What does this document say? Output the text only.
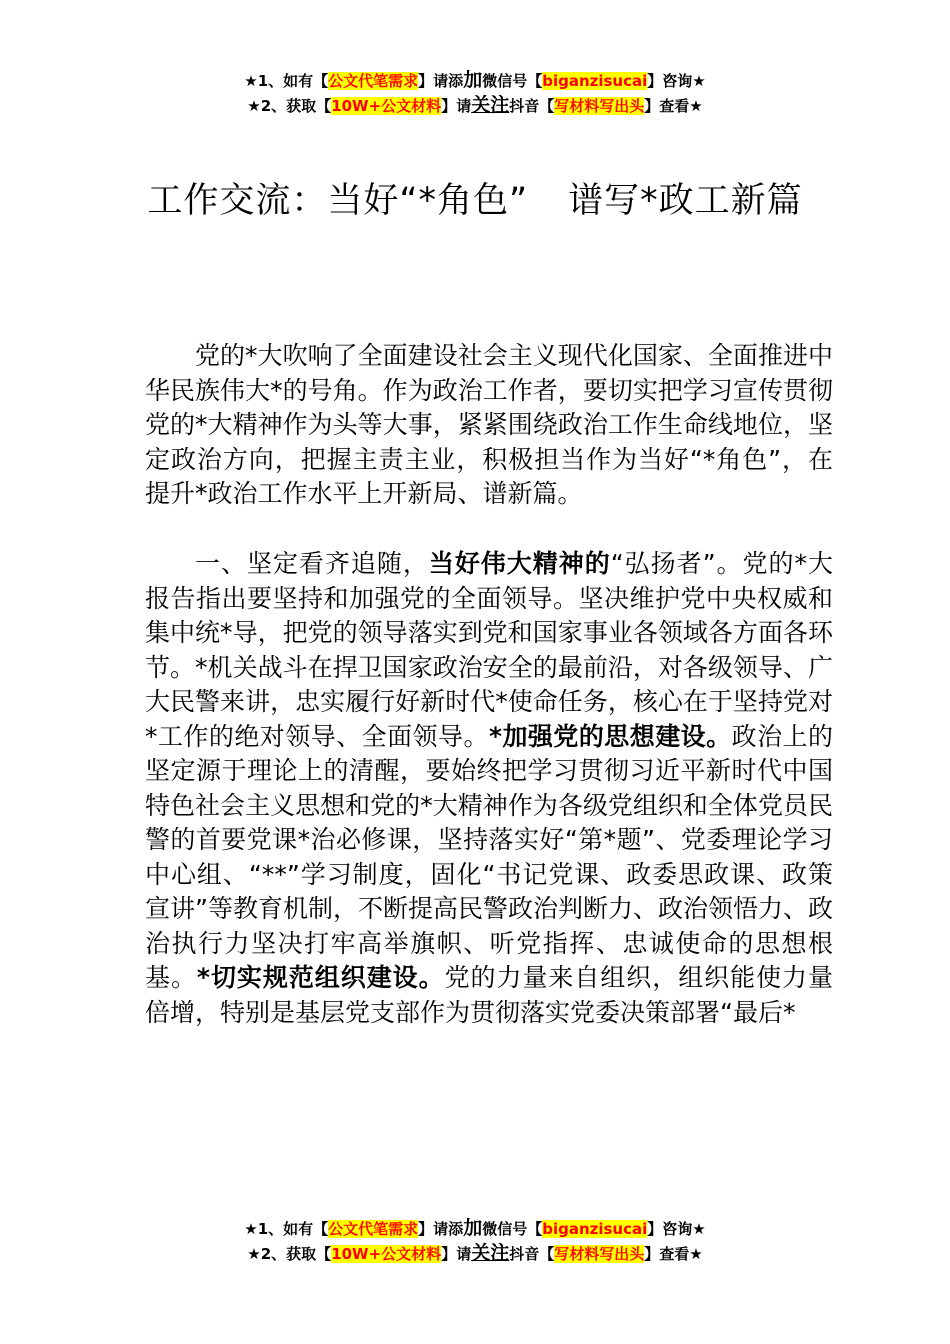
★1、如有【公文代笔需求】请添加微信号【biganzisucai】咨询★
★2、获取【10W+公文材料】请关注抖音【写材料写出头】查看★
工作交流：当好“*角色” 谱写*政工新篇

党的*大吹响了全面建设社会主义现代化国家、全面推进中华民族伟大*的号角。作为政治工作者，要切实把学习宣传贯彻党的*大精神作为头等大事，紧紧围绕政治工作生命线地位，坚定政治方向，把握主责主业，积极担当作为当好“*角色”，在提升*政治工作水平上开新局、谱新篇。

一、坚定看齐追随，当好伟大精神的“弘扬者”。党的*大报告指出要坚持和加强党的全面领导。坚决维护党中央权威和集中统*导，把党的领导落实到党和国家事业各领域各方面各环节。*机关战斗在捍卫国家政治安全的最前沿，对各级领导、广大民警来讲，忠实履行好新时代*使命任务，核心在于坚持党对*工作的绝对领导、全面领导。*加强党的思想建设。政治上的坚定源于理论上的清醒，要始终把学习贯彻习近平新时代中国特色社会主义思想和党的*大精神作为各级党组织和全体党员民警的首要党课*治必修课，坚持落实好“第*题”、党委理论学习中心组、“**”学习制度，固化“书记党课、政委思政课、政策宣讲”等教育机制，不断提高民警政治判断力、政治领悟力、政治执行力坚决打牢高举旗帜、听党指挥、忠诚使命的思想根基。*切实规范组织建设。党的力量来自组织，组织能使力量倍增，特别是基层党支部作为贯彻落实党委决策部署“最后*

★1、如有【公文代笔需求】请添加微信号【biganzisucai】咨询★
★2、获取【10W+公文材料】请关注抖音【写材料写出头】查看★
